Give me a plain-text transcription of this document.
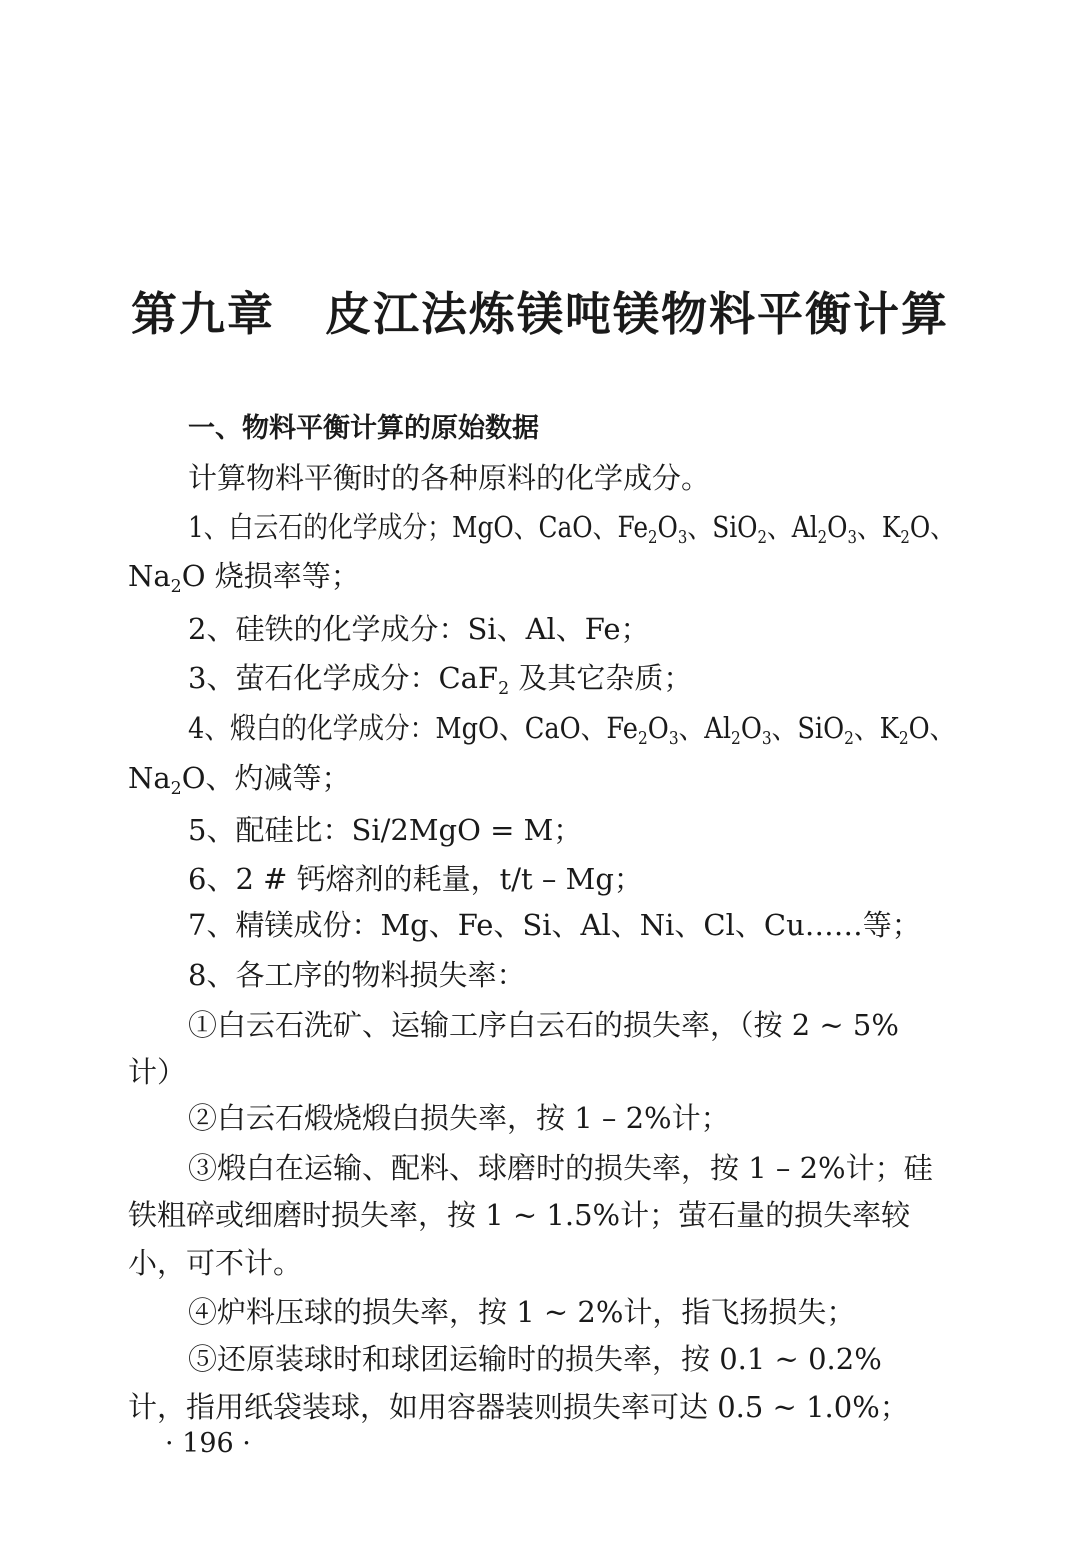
第九章 皮江法炼镁吨镁物料平衡计算
一、物料平衡计算的原始数据
计算物料平衡时的各种原料的化学成分。
1、白云石的化学成分；MgO、CaO、$Fe_2O_3$、SiO$_2$、$Al_2O_3$、$K_2O$、
$Na_2O$ 烧损率等；
2、硅铁的化学成分：Si、Al、Fe；
3、萤石化学成分：CaF$_2$ 及其它杂质；
4、煅白的化学成分：MgO、CaO、$Fe_2O_3$、$Al_2O_3$、SiO$_2$、$K_2O$、
$Na_2O$、灼减等；
5、配硅比：Si/2MgO = M；
6、2 # 钙熔剂的耗量，t/t – Mg；
7、精镁成份：Mg、Fe、Si、Al、Ni、Cl、Cu……等；
8、各工序的物料损失率：
①白云石洗矿、运输工序白云石的损失率，（按 2 ~ 5%
计）
②白云石煅烧煅白损失率，按 1 – 2%计；
③煅白在运输、配料、球磨时的损失率，按 1 – 2%计；硅
铁粗碎或细磨时损失率，按 1 ~ 1.5%计；萤石量的损失率较
小，可不计。
④炉料压球的损失率，按 1 ~ 2%计，指飞扬损失；
⑤还原装球时和球团运输时的损失率，按 0.1 ~ 0.2%
计，指用纸袋装球，如用容器装则损失率可达 0.5 ~ 1.0%；
· 196 ·
